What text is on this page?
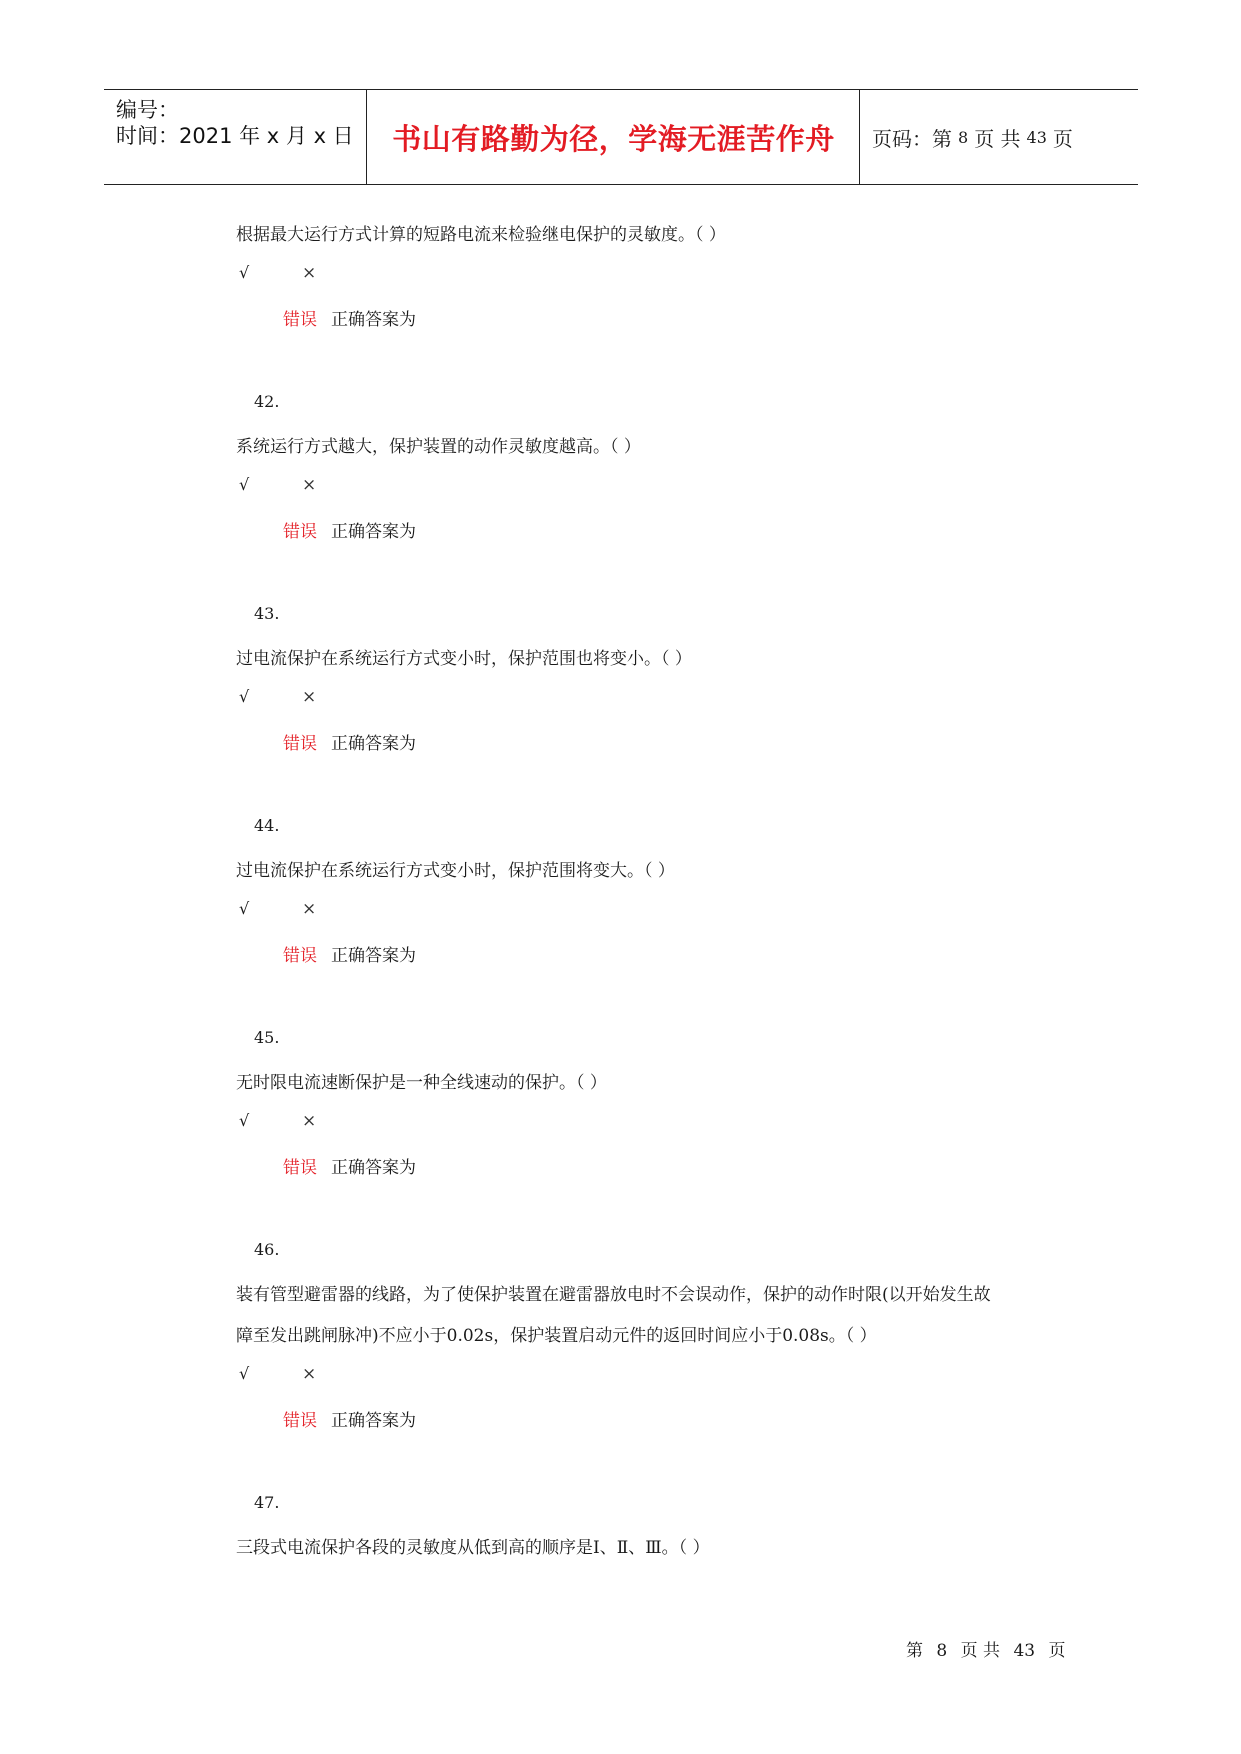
编号：
时间：2021 年 x 月 x 日 书山有路勤为径，学海无涯苦作舟 页码：第 8 页 共 43 页
根据最大运行方式计算的短路电流来检验继电保护的灵敏度。（ ）
√	×
错误 正确答案为
42.
系统运行方式越大，保护装置的动作灵敏度越高。（ ）
√	×
错误 正确答案为
43.
过电流保护在系统运行方式变小时，保护范围也将变小。（ ）
√	×
错误 正确答案为
44.
过电流保护在系统运行方式变小时，保护范围将变大。（ ）
√	×
错误 正确答案为
45.
无时限电流速断保护是一种全线速动的保护。（ ）
√	×
错误 正确答案为
46.
装有管型避雷器的线路，为了使保护装置在避雷器放电时不会误动作，保护的动作时限(以开始发生故
障至发出跳闸脉冲)不应小于0.02s，保护装置启动元件的返回时间应小于0.08s。（ ）
√	×
错误 正确答案为
47.
三段式电流保护各段的灵敏度从低到高的顺序是Ⅰ、Ⅱ、Ⅲ。（ ）
第 8 页 共 43 页
